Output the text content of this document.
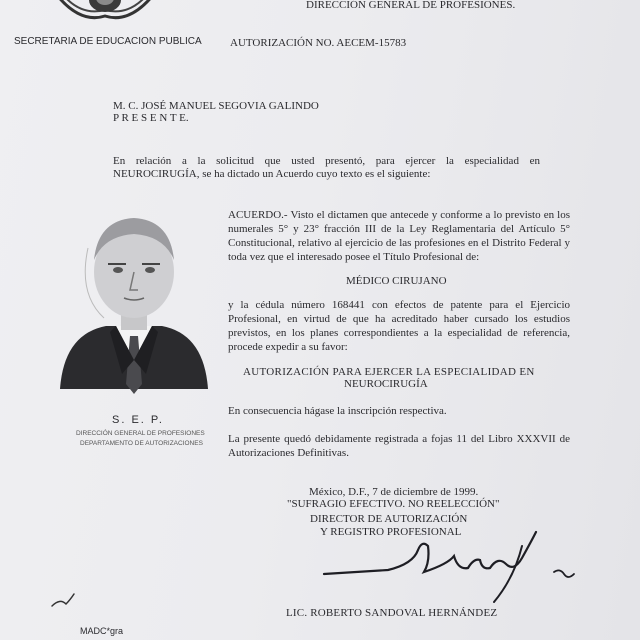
DIRECCIÓN GENERAL DE PROFESIONES.
SECRETARIA DE EDUCACION PUBLICA	AUTORIZACIÓN NO. AECEM-15783
M. C. JOSÉ MANUEL SEGOVIA GALINDO
P R E S E N T E.
En relación a la solicitud que usted presentó, para ejercer la especialidad en
NEUROCIRUGÍA, se ha dictado un Acuerdo cuyo texto es el siguiente:
S. E. P.
DIRECCIÓN GENERAL DE PROFESIONES
DEPARTAMENTO DE AUTORIZACIONES
ACUERDO.- Visto el dictamen que antecede y conforme a lo previsto en los numerales 5° y 23° fracción III de la Ley Reglamentaria del Artículo 5° Constitucional, relativo al ejercicio de las profesiones en el Distrito Federal y toda vez que el interesado posee el Título Profesional de:
MÉDICO CIRUJANO
y la cédula número 168441 con efectos de patente para el Ejercicio Profesional, en virtud de que ha acreditado haber cursado los estudios previstos, en los planes correspondientes a la especialidad de referencia, procede expedir a su favor:
AUTORIZACIÓN PARA EJERCER LA ESPECIALIDAD EN
NEUROCIRUGÍA
En consecuencia hágase la inscripción respectiva.
La presente quedó debidamente registrada a fojas 11 del Libro XXXVII de Autorizaciones Definitivas.
México, D.F., 7 de diciembre de 1999.
"SUFRAGIO EFECTIVO. NO REELECCIÓN"
DIRECTOR DE AUTORIZACIÓN
Y REGISTRO PROFESIONAL
LIC. ROBERTO SANDOVAL HERNÁNDEZ
MADC*gra
